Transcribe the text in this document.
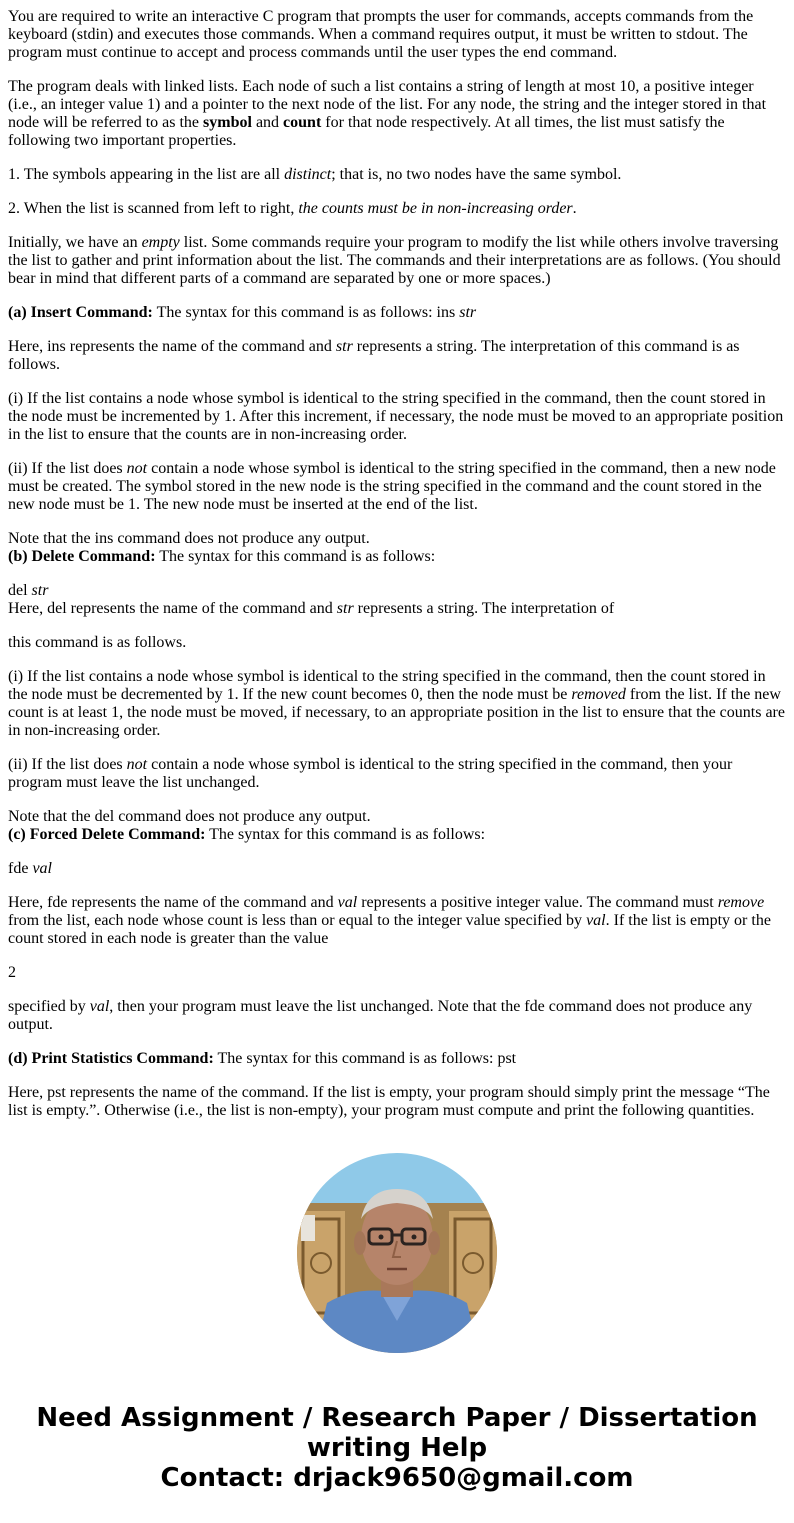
You are required to write an interactive C program that prompts the user for commands, accepts commands from the keyboard (stdin) and executes those commands. When a command requires output, it must be written to stdout. The program must continue to accept and process commands until the user types the end command.

The program deals with linked lists. Each node of such a list contains a string of length at most 10, a positive integer (i.e., an integer value 1) and a pointer to the next node of the list. For any node, the string and the integer stored in that node will be referred to as the symbol and count for that node respectively. At all times, the list must satisfy the following two important properties.

1. The symbols appearing in the list are all distinct; that is, no two nodes have the same symbol.

2. When the list is scanned from left to right, the counts must be in non-increasing order.

Initially, we have an empty list. Some commands require your program to modify the list while others involve traversing the list to gather and print information about the list. The commands and their interpretations are as follows. (You should bear in mind that different parts of a command are separated by one or more spaces.)

(a) Insert Command: The syntax for this command is as follows: ins str

Here, ins represents the name of the command and str represents a string. The interpretation of this command is as follows.

(i) If the list contains a node whose symbol is identical to the string specified in the command, then the count stored in the node must be incremented by 1. After this increment, if necessary, the node must be moved to an appropriate position in the list to ensure that the counts are in non-increasing order.

(ii) If the list does not contain a node whose symbol is identical to the string specified in the command, then a new node must be created. The symbol stored in the new node is the string specified in the command and the count stored in the new node must be 1. The new node must be inserted at the end of the list.

Note that the ins command does not produce any output.

(b) Delete Command: The syntax for this command is as follows:

del str

Here, del represents the name of the command and str represents a string. The interpretation of

this command is as follows.

(i) If the list contains a node whose symbol is identical to the string specified in the command, then the count stored in the node must be decremented by 1. If the new count becomes 0, then the node must be removed from the list. If the new count is at least 1, the node must be moved, if necessary, to an appropriate position in the list to ensure that the counts are in non-increasing order.

(ii) If the list does not contain a node whose symbol is identical to the string specified in the command, then your program must leave the list unchanged.

Note that the del command does not produce any output.

(c) Forced Delete Command: The syntax for this command is as follows:

fde val

Here, fde represents the name of the command and val represents a positive integer value. The command must remove from the list, each node whose count is less than or equal to the integer value specified by val. If the list is empty or the count stored in each node is greater than the value

2

specified by val, then your program must leave the list unchanged. Note that the fde command does not produce any output.

(d) Print Statistics Command: The syntax for this command is as follows: pst

Here, pst represents the name of the command. If the list is empty, your program should simply print the message “The list is empty.”. Otherwise (i.e., the list is non-empty), your program must compute and print the following quantities.

Need Assignment / Research Paper / Dissertation writing Help
Contact: drjack9650@gmail.com
